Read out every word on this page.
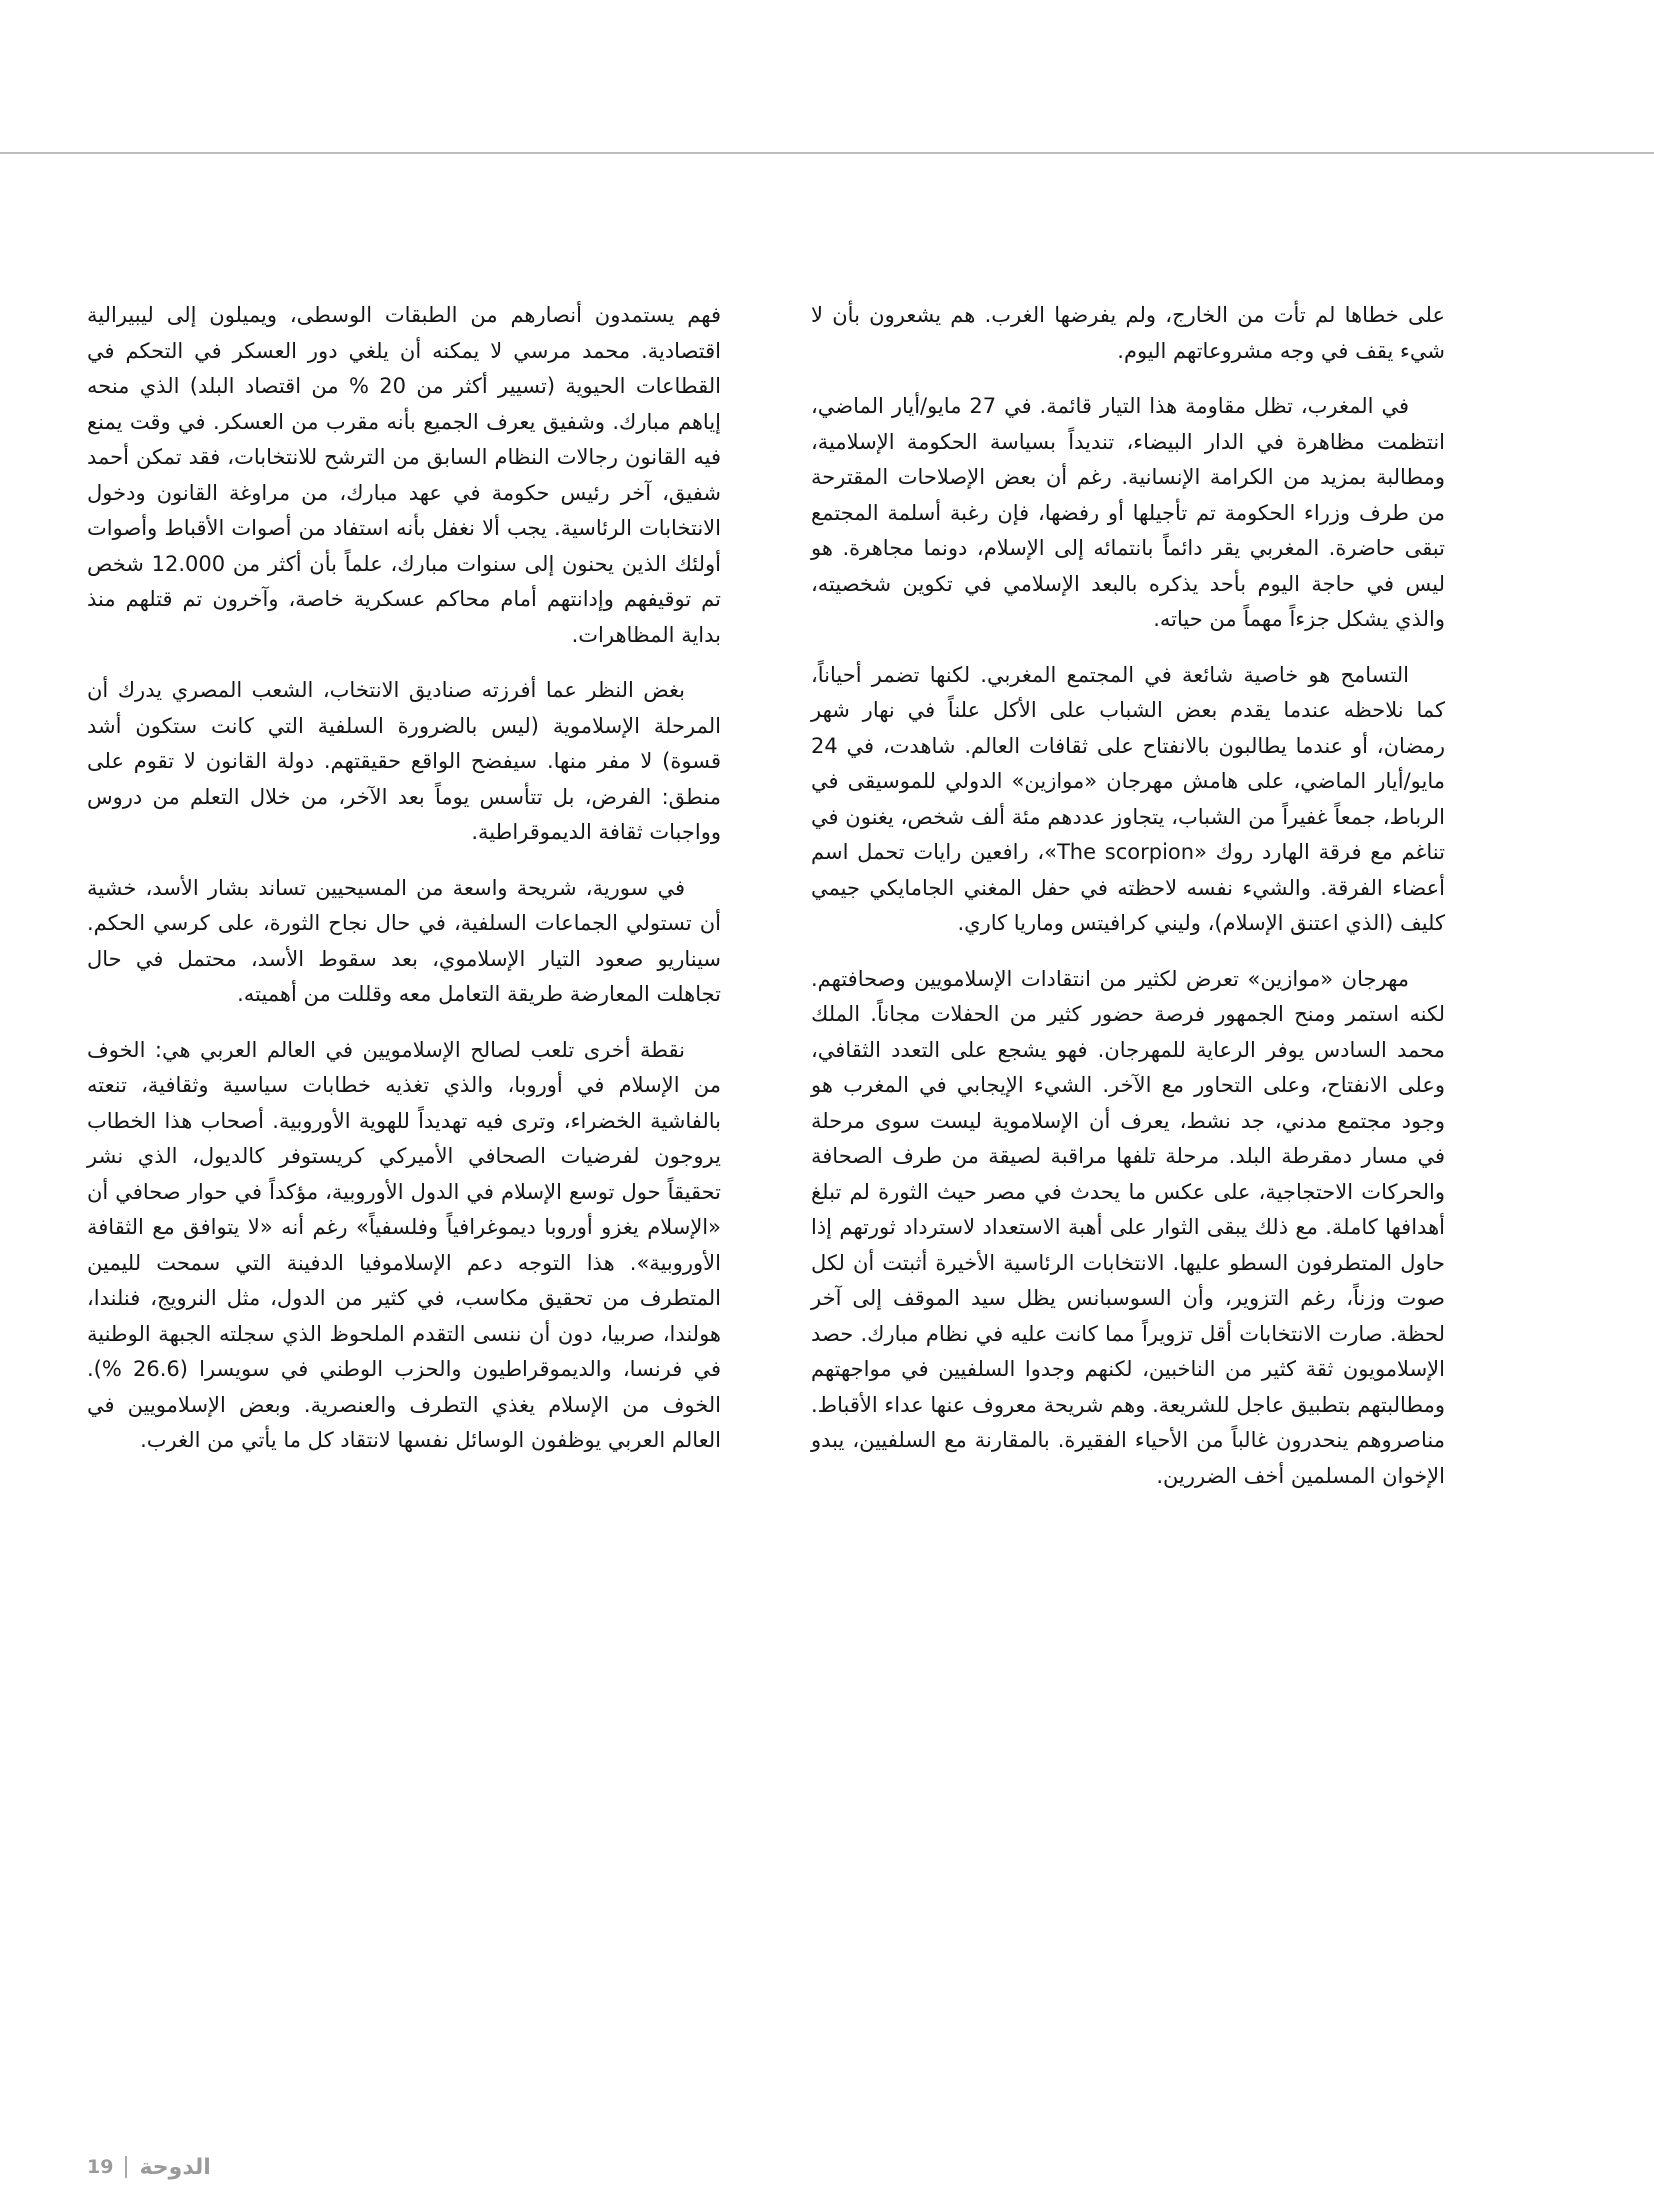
على خطاها لم تأت من الخارج، ولم يفرضها الغرب. هم يشعرون بأن لا شيء يقف في وجه مشروعاتهم اليوم.

في المغرب، تظل مقاومة هذا التيار قائمة. في 27 مايو/أيار الماضي، انتظمت مظاهرة في الدار البيضاء، تنديداً بسياسة الحكومة الإسلامية، ومطالبة بمزيد من الكرامة الإنسانية. رغم أن بعض الإصلاحات المقترحة من طرف وزراء الحكومة تم تأجيلها أو رفضها، فإن رغبة أسلمة المجتمع تبقى حاضرة. المغربي يقر دائماً بانتمائه إلى الإسلام، دونما مجاهرة. هو ليس في حاجة اليوم بأحد يذكره بالبعد الإسلامي في تكوين شخصيته، والذي يشكل جزءاً مهماً من حياته.

التسامح هو خاصية شائعة في المجتمع المغربي. لكنها تضمر أحياناً، كما نلاحظه عندما يقدم بعض الشباب على الأكل علناً في نهار شهر رمضان، أو عندما يطالبون بالانفتاح على ثقافات العالم. شاهدت، في 24 مايو/أيار الماضي، على هامش مهرجان «موازين» الدولي للموسيقى في الرباط، جمعاً غفيراً من الشباب، يتجاوز عددهم مئة ألف شخص، يغنون في تناغم مع فرقة الهارد روك «The scorpion»، رافعين رايات تحمل اسم أعضاء الفرقة. والشيء نفسه لاحظته في حفل المغني الجامايكي جيمي كليف (الذي اعتنق الإسلام)، وليني كرافيتس وماريا كاري.

مهرجان «موازين» تعرض لكثير من انتقادات الإسلامويين وصحافتهم. لكنه استمر ومنح الجمهور فرصة حضور كثير من الحفلات مجاناً. الملك محمد السادس يوفر الرعاية للمهرجان. فهو يشجع على التعدد الثقافي، وعلى الانفتاح، وعلى التحاور مع الآخر. الشيء الإيجابي في المغرب هو وجود مجتمع مدني، جد نشط، يعرف أن الإسلاموية ليست سوى مرحلة في مسار دمقرطة البلد. مرحلة تلفها مراقبة لصيقة من طرف الصحافة والحركات الاحتجاجية، على عكس ما يحدث في مصر حيث الثورة لم تبلغ أهدافها كاملة. مع ذلك يبقى الثوار على أهبة الاستعداد لاسترداد ثورتهم إذا حاول المتطرفون السطو عليها. الانتخابات الرئاسية الأخيرة أثبتت أن لكل صوت وزناً، رغم التزوير، وأن السوسبانس يظل سيد الموقف إلى آخر لحظة. صارت الانتخابات أقل تزويراً مما كانت عليه في نظام مبارك. حصد الإسلامويون ثقة كثير من الناخبين، لكنهم وجدوا السلفيين في مواجهتهم ومطالبتهم بتطبيق عاجل للشريعة. وهم شريحة معروف عنها عداء الأقباط. مناصروهم ينحدرون غالباً من الأحياء الفقيرة. بالمقارنة مع السلفيين، يبدو الإخوان المسلمين أخف الضررين.

فهم يستمدون أنصارهم من الطبقات الوسطى، ويميلون إلى ليبيرالية اقتصادية. محمد مرسي لا يمكنه أن يلغي دور العسكر في التحكم في القطاعات الحيوية (تسيير أكثر من 20 % من اقتصاد البلد) الذي منحه إياهم مبارك. وشفيق يعرف الجميع بأنه مقرب من العسكر. في وقت يمنع فيه القانون رجالات النظام السابق من الترشح للانتخابات، فقد تمكن أحمد شفيق، آخر رئيس حكومة في عهد مبارك، من مراوغة القانون ودخول الانتخابات الرئاسية. يجب ألا نغفل بأنه استفاد من أصوات الأقباط وأصوات أولئك الذين يحنون إلى سنوات مبارك، علماً بأن أكثر من 12.000 شخص تم توقيفهم وإدانتهم أمام محاكم عسكرية خاصة، وآخرون تم قتلهم منذ بداية المظاهرات.

بغض النظر عما أفرزته صناديق الانتخاب، الشعب المصري يدرك أن المرحلة الإسلاموية (ليس بالضرورة السلفية التي كانت ستكون أشد قسوة) لا مفر منها. سيفضح الواقع حقيقتهم. دولة القانون لا تقوم على منطق: الفرض، بل تتأسس يوماً بعد الآخر، من خلال التعلم من دروس وواجبات ثقافة الديموقراطية.

في سورية، شريحة واسعة من المسيحيين تساند بشار الأسد، خشية أن تستولي الجماعات السلفية، في حال نجاح الثورة، على كرسي الحكم. سيناريو صعود التيار الإسلاموي، بعد سقوط الأسد، محتمل في حال تجاهلت المعارضة طريقة التعامل معه وقللت من أهميته.

نقطة أخرى تلعب لصالح الإسلامويين في العالم العربي هي: الخوف من الإسلام في أوروبا، والذي تغذيه خطابات سياسية وثقافية، تنعته بالفاشية الخضراء، وترى فيه تهديداً للهوية الأوروبية. أصحاب هذا الخطاب يروجون لفرضيات الصحافي الأميركي كريستوفر كالديول، الذي نشر تحقيقاً حول توسع الإسلام في الدول الأوروبية، مؤكداً في حوار صحافي أن «الإسلام يغزو أوروبا ديموغرافياً وفلسفياً» رغم أنه «لا يتوافق مع الثقافة الأوروبية». هذا التوجه دعم الإسلاموفيا الدفينة التي سمحت لليمين المتطرف من تحقيق مكاسب، في كثير من الدول، مثل النرويج، فنلندا، هولندا، صربيا، دون أن ننسى التقدم الملحوظ الذي سجلته الجبهة الوطنية في فرنسا، والديموقراطيون والحزب الوطني في سويسرا (26.6 %). الخوف من الإسلام يغذي التطرف والعنصرية. وبعض الإسلامويين في العالم العربي يوظفون الوسائل نفسها لانتقاد كل ما يأتي من الغرب.

19 الدوحة
